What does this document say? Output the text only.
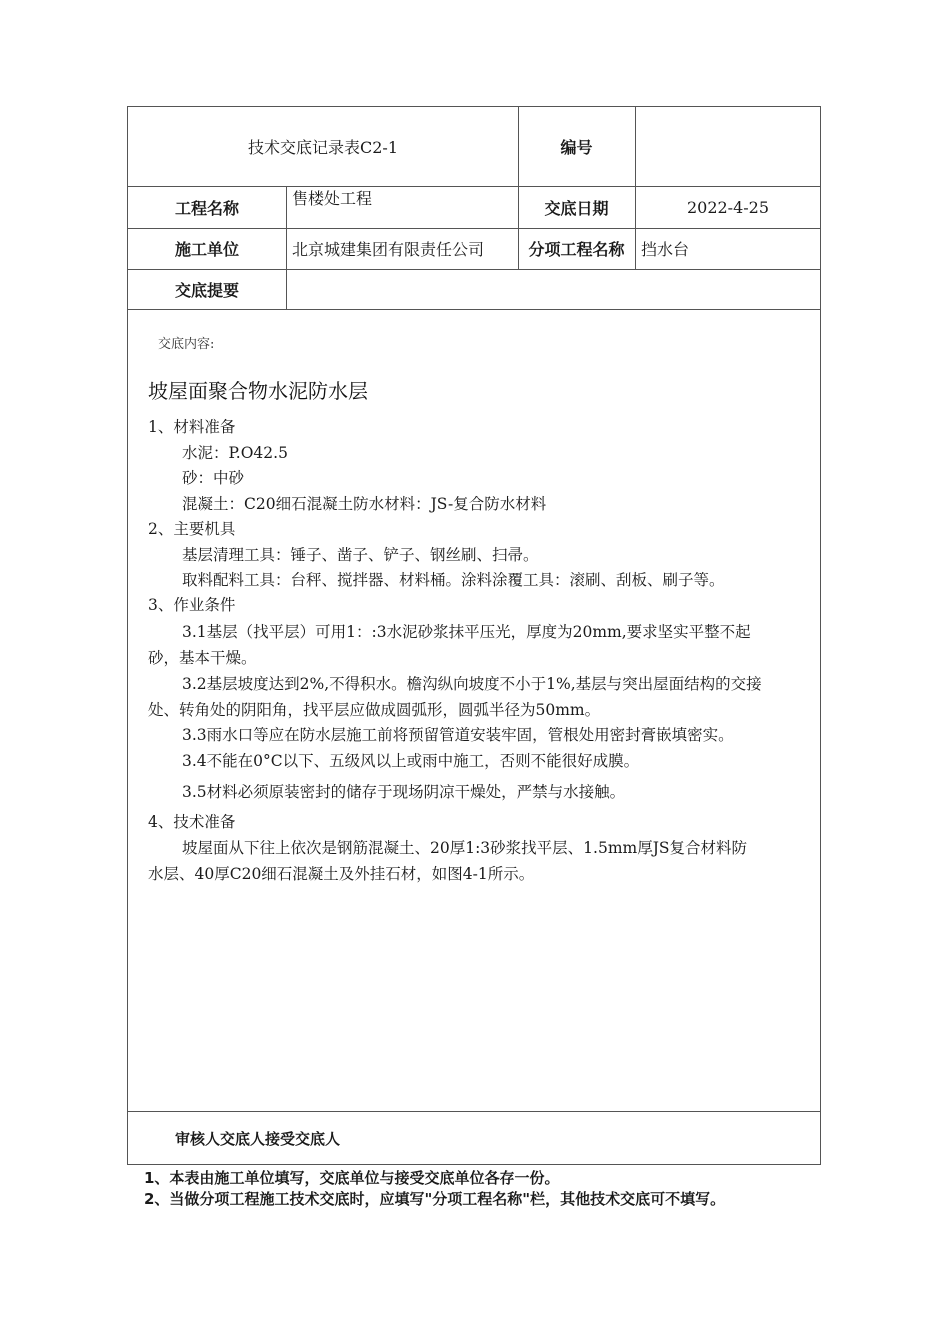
技术交底记录表C2-1	编号
工程名称	售楼处工程	交底日期	2022-4-25
施工单位	北京城建集团有限责任公司	分项工程名称	挡水台
交底提要
交底内容:
坡屋面聚合物水泥防水层
1、材料准备
水泥：P.O42.5
砂：中砂
混凝土：C20细石混凝土防水材料：JS-复合防水材料
2、主要机具
基层清理工具：锤子、凿子、铲子、钢丝刷、扫帚。
取料配料工具：台秤、搅拌器、材料桶。涂料涂覆工具：滚刷、刮板、刷子等。
3、作业条件
3.1基层（找平层）可用1：:3水泥砂浆抹平压光，厚度为20mm,要求坚实平整不起
砂，基本干燥。
3.2基层坡度达到2%,不得积水。檐沟纵向坡度不小于1%,基层与突出屋面结构的交接
处、转角处的阴阳角，找平层应做成圆弧形，圆弧半径为50mm。
3.3雨水口等应在防水层施工前将预留管道安装牢固，管根处用密封膏嵌填密实。
3.4不能在0°C以下、五级风以上或雨中施工，否则不能很好成膜。
3.5材料必须原装密封的储存于现场阴凉干燥处，严禁与水接触。
4、技术准备
坡屋面从下往上依次是钢筋混凝土、20厚1:3砂浆找平层、1.5mm厚JS复合材料防
水层、40厚C20细石混凝土及外挂石材，如图4-1所示。
审核人交底人接受交底人
1、本表由施工单位填写，交底单位与接受交底单位各存一份。
2、当做分项工程施工技术交底时，应填写"分项工程名称"栏，其他技术交底可不填写。
